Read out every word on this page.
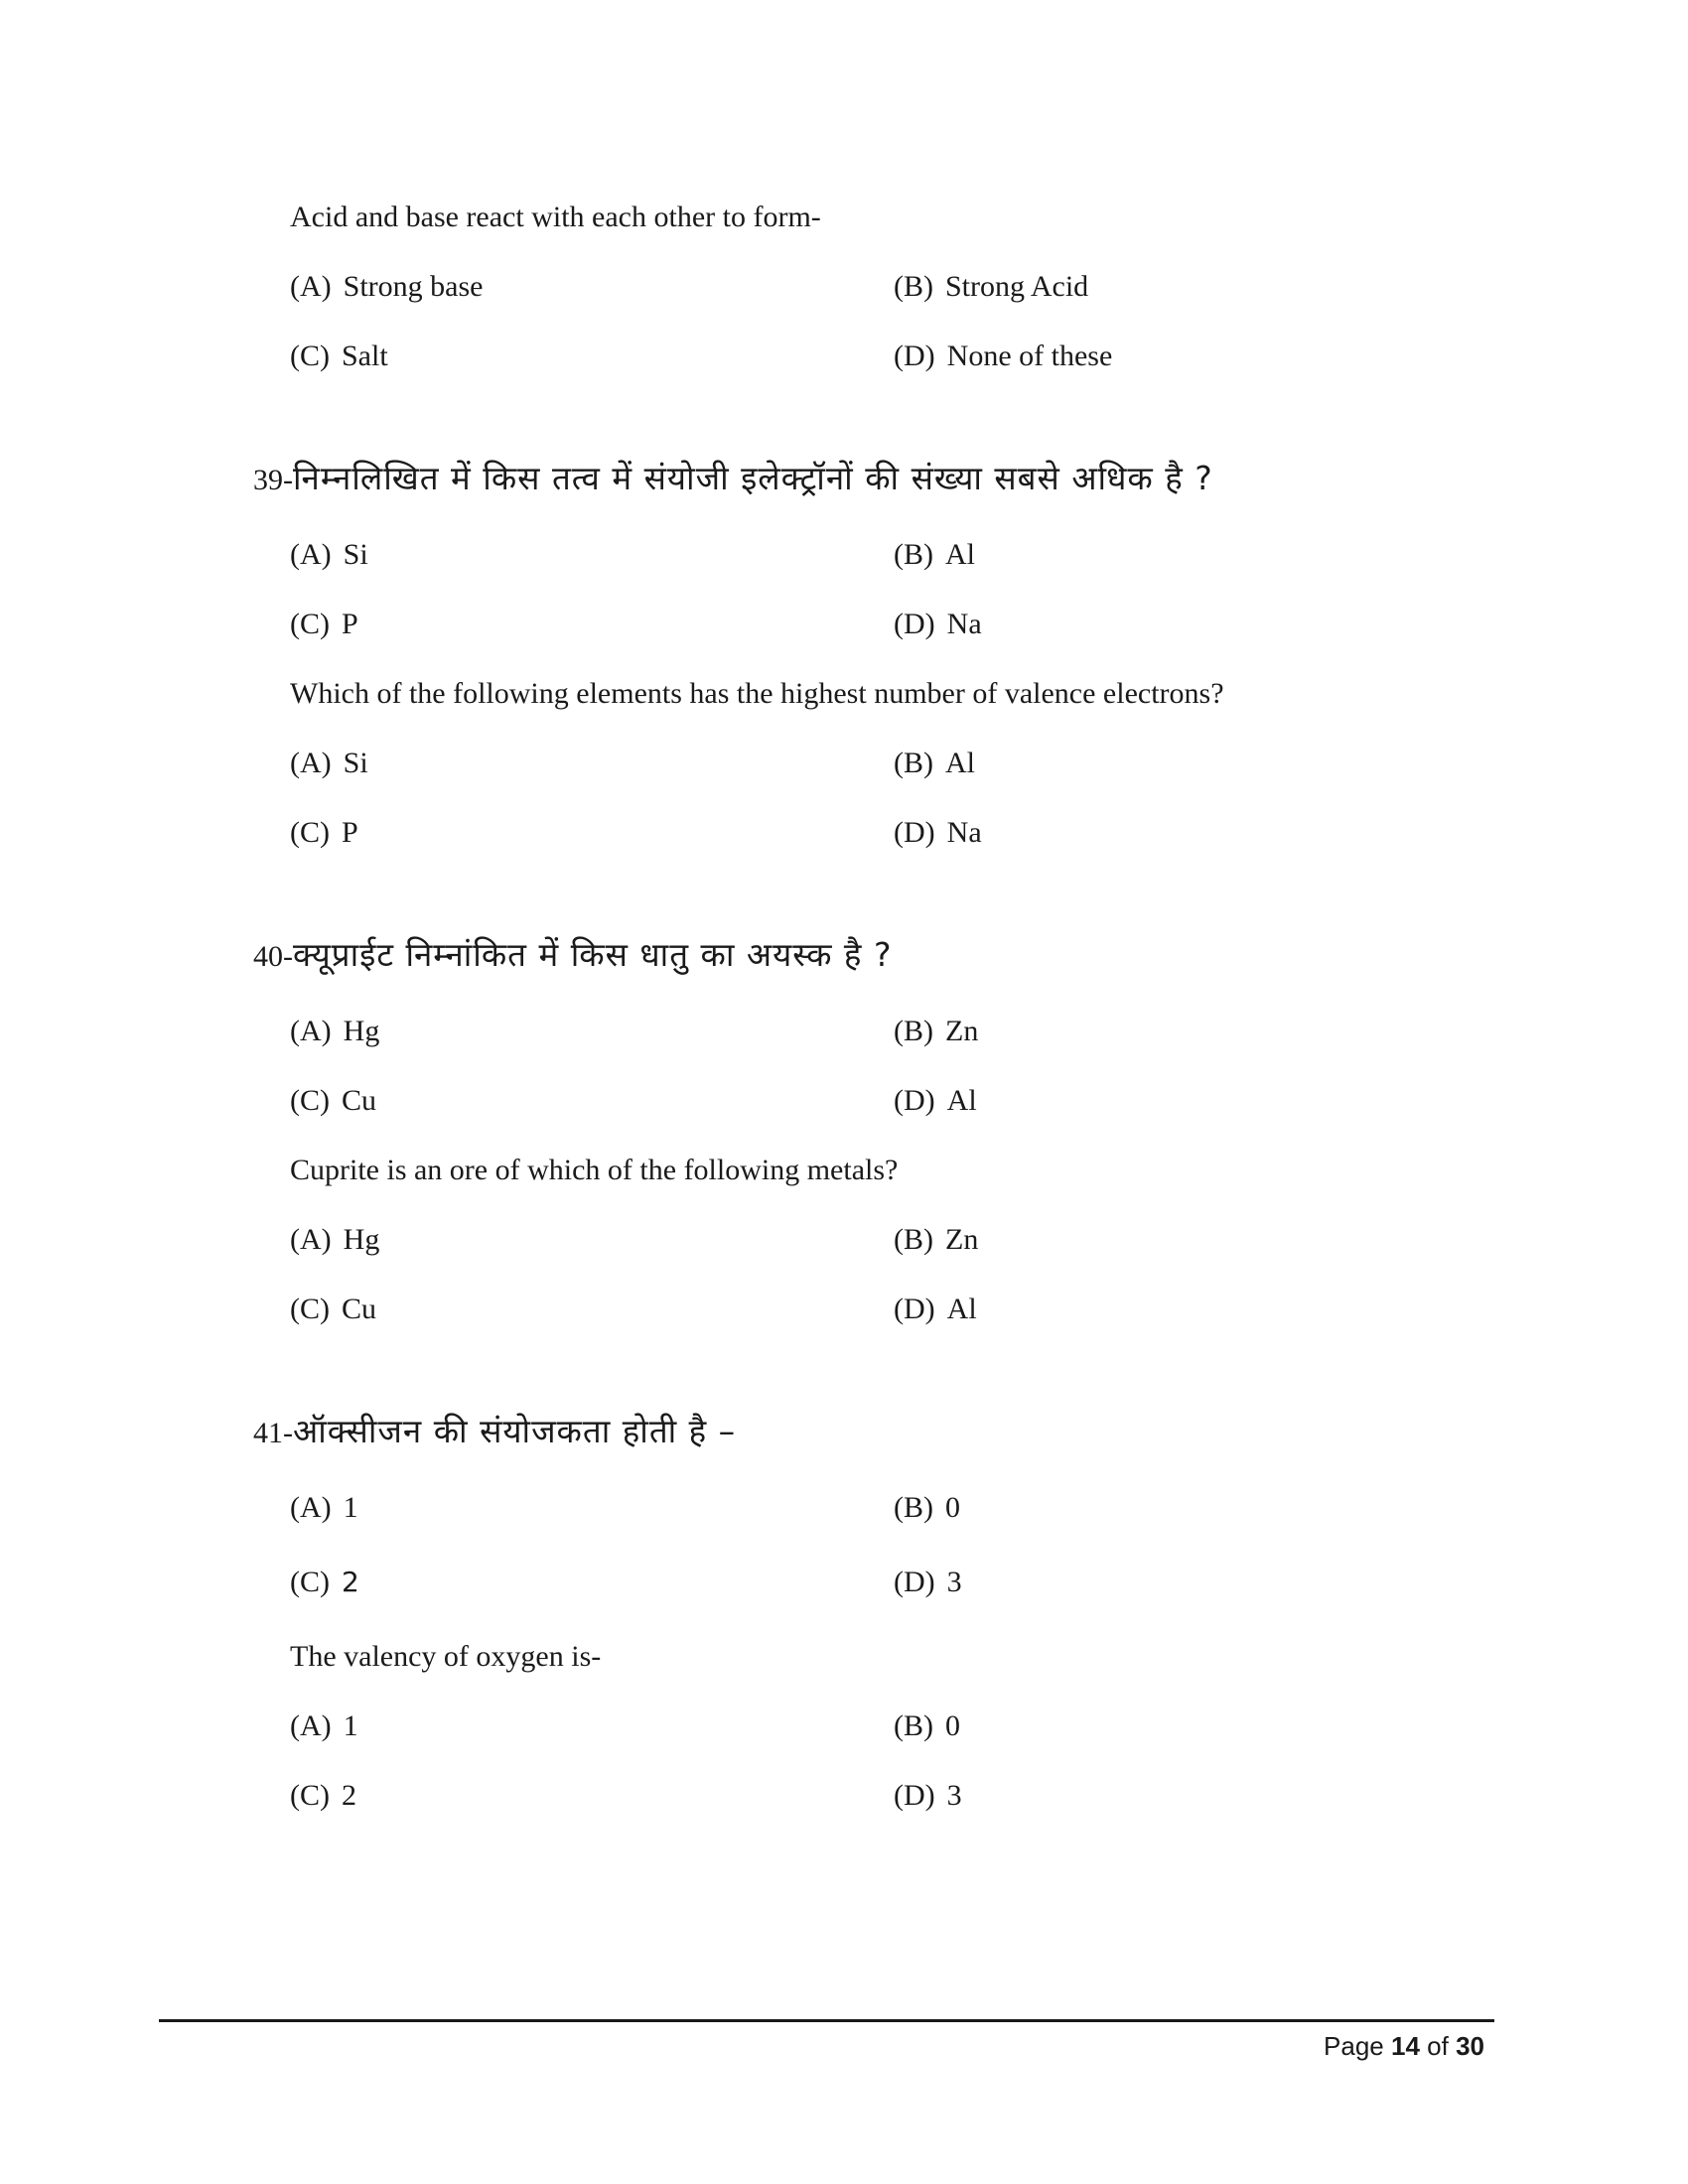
Acid and base react with each other to form-
(A) Strong base	(B) Strong Acid
(C) Salt	(D) None of these
39-निम्नलिखित में किस तत्व में संयोजी इलेक्ट्रॉनों की संख्या सबसे अधिक है ?
(A) Si	(B) Al
(C) P	(D) Na
Which of the following elements has the highest number of valence electrons?
(A) Si	(B) Al
(C) P	(D) Na
40-क्यूप्राईट निम्नांकित में किस धातु का अयस्क है ?
(A) Hg	(B) Zn
(C) Cu	(D) Al
Cuprite is an ore of which of the following metals?
(A) Hg	(B) Zn
(C) Cu	(D) Al
41-ऑक्सीजन की संयोजकता होती है –
(A) 1	(B) 0
(C) 2	(D) 3
The valency of oxygen is-
(A) 1	(B) 0
(C) 2	(D) 3
Page 14 of 30
